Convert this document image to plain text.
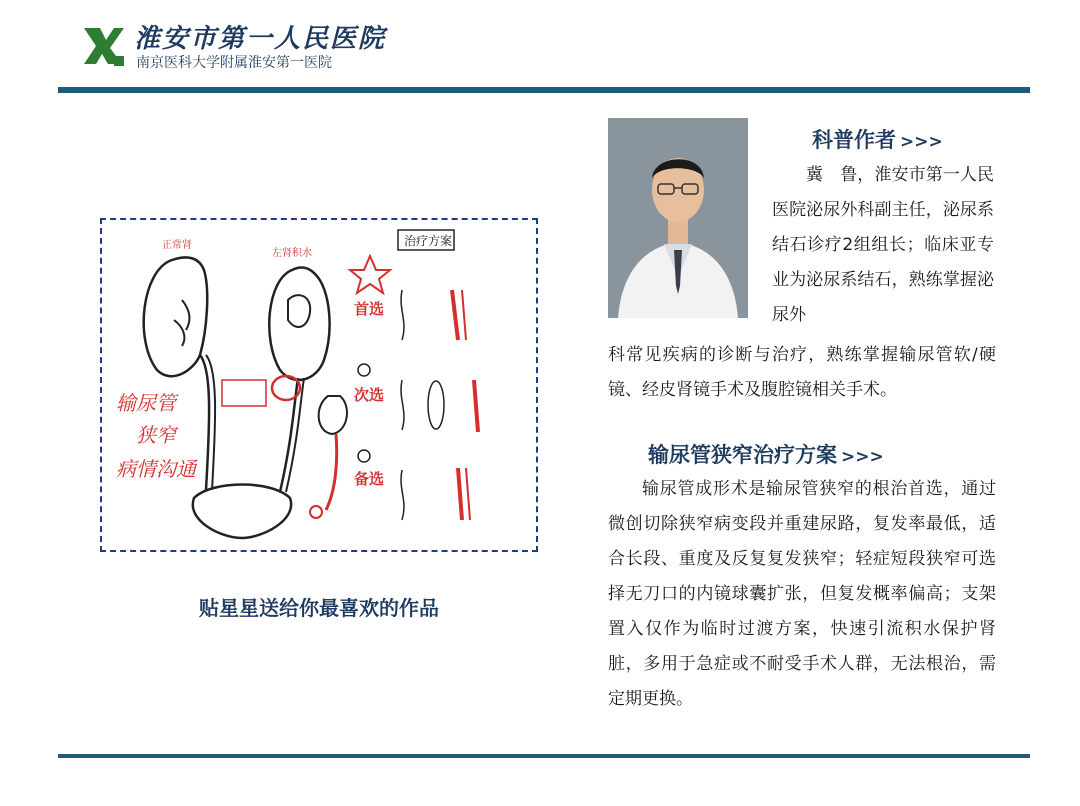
淮安市第一人民医院
南京医科大学附属淮安第一医院
输尿管
狭窄
病情沟通
正常肾
左肾积水
治疗方案
首选
次选
备选
贴星星送给你最喜欢的作品
科普作者 >>>
冀　鲁，淮安市第一人民医院泌尿外科副主任，泌尿系结石诊疗2组组长；临床亚专业为泌尿系结石，熟练掌握泌尿外
科常见疾病的诊断与治疗，熟练掌握输尿管软/硬镜、经皮肾镜手术及腹腔镜相关手术。
输尿管狭窄治疗方案 >>>
输尿管成形术是输尿管狭窄的根治首选，通过微创切除狭窄病变段并重建尿路，复发率最低，适合长段、重度及反复复发狭窄；轻症短段狭窄可选择无刀口的内镜球囊扩张，但复发概率偏高；支架置入仅作为临时过渡方案，快速引流积水保护肾脏，多用于急症或不耐受手术人群，无法根治，需定期更换。
